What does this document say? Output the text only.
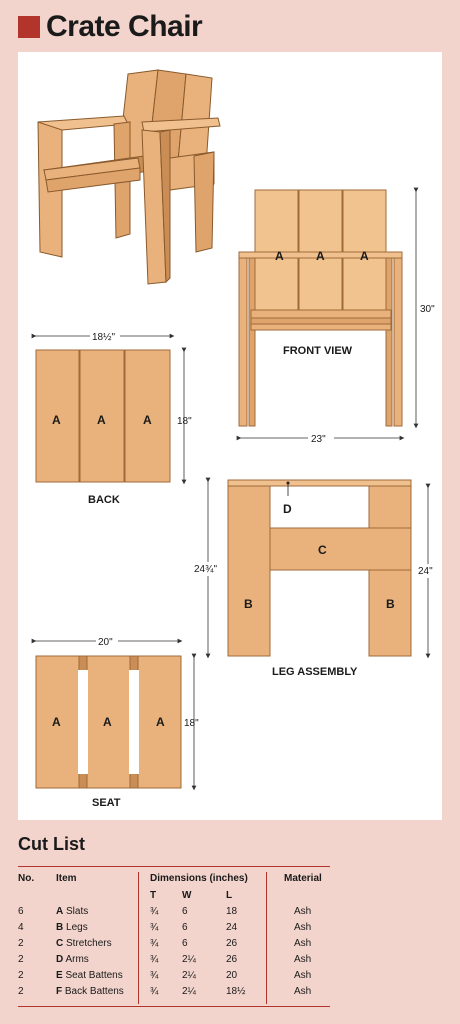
Crate Chair
A	A	A
30"
23"
FRONT VIEW
18½"
A	A	A	18"
BACK
D
C
B	B
24¾"	24"
LEG ASSEMBLY
20"
A	A	A 18"
SEAT
Cut List
No.	Item	Dimensions (inches)			Material
		T	W	L	
6	A Slats	¾	6	18	Ash
4	B Legs	¾	6	24	Ash
2	C Stretchers	¾	6	26	Ash
2	D Arms	¾	2¼	26	Ash
2	E Seat Battens	¾	2¼	20	Ash
2	F Back Battens	¾	2¼	18½	Ash
